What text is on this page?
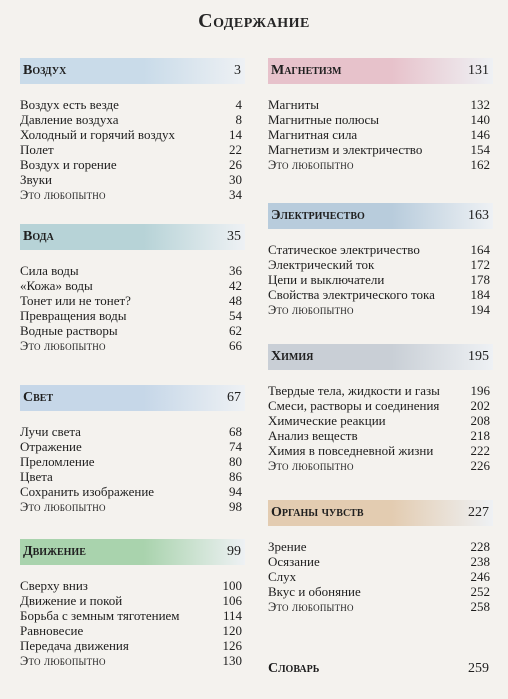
Содержание
Воздух	3
Воздух есть везде	4
Давление воздуха	8
Холодный и горячий воздух	14
Полет	22
Воздух и горение	26
Звуки	30
Это любопытно	34
Вода	35
Сила воды	36
«Кожа» воды	42
Тонет или не тонет?	48
Превращения воды	54
Водные растворы	62
Это любопытно	66
Свет	67
Лучи света	68
Отражение	74
Преломление	80
Цвета	86
Сохранить изображение	94
Это любопытно	98
Движение	99
Сверху вниз	100
Движение и покой	106
Борьба с земным тяготением	114
Равновесие	120
Передача движения	126
Это любопытно	130
Магнетизм	131
Магниты	132
Магнитные полюсы	140
Магнитная сила	146
Магнетизм и электричество	154
Это любопытно	162
Электричество	163
Статическое электричество	164
Электрический ток	172
Цепи и выключатели	178
Свойства электрического тока	184
Это любопытно	194
Химия	195
Твердые тела, жидкости и газы 196
Смеси, растворы и соединения 202
Химические реакции	208
Анализ веществ	218
Химия в повседневной жизни	222
Это любопытно	226
Органы чувств	227
Зрение	228
Осязание	238
Слух	246
Вкус и обоняние	252
Это любопытно	258
Словарь	259
